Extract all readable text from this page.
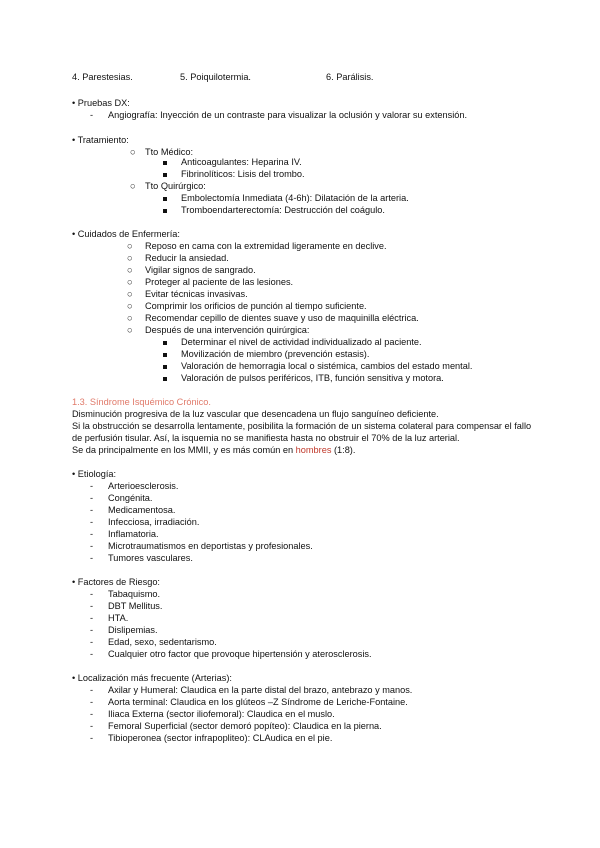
4. Parestesias.	5. Poiquilotermia.	6. Parálisis.
• Pruebas DX:
- Angiografía: Inyección de un contraste para visualizar la oclusión y valorar su extensión.
• Tratamiento:
○ Tto Médico:
Anticoagulantes: Heparina IV.
Fibrinolíticos: Lisis del trombo.
○ Tto Quirúrgico:
Embolectomía Inmediata (4-6h): Dilatación de la arteria.
Tromboendarterectomía: Destrucción del coágulo.
• Cuidados de Enfermería:
○ Reposo en cama con la extremidad ligeramente en declive.
○ Reducir la ansiedad.
○ Vigilar signos de sangrado.
○ Proteger al paciente de las lesiones.
○ Evitar técnicas invasivas.
○ Comprimir los orificios de punción al tiempo suficiente.
○ Recomendar cepillo de dientes suave y uso de maquinilla eléctrica.
○ Después de una intervención quirúrgica:
Determinar el nivel de actividad individualizado al paciente.
Movilización de miembro (prevención estasis).
Valoración de hemorragia local o sistémica, cambios del estado mental.
Valoración de pulsos periféricos, ITB, función sensitiva y motora.
1.3. Síndrome Isquémico Crónico.
Disminución progresiva de la luz vascular que desencadena un flujo sanguíneo deficiente.
Si la obstrucción se desarrolla lentamente, posibilita la formación de un sistema colateral para compensar el fallo
de perfusión tisular. Así, la isquemia no se manifiesta hasta no obstruir el 70% de la luz arterial.
Se da principalmente en los MMII, y es más común en hombres (1:8).
• Etiología:
- Arterioesclerosis.
- Congénita.
- Medicamentosa.
- Infecciosa, irradiación.
- Inflamatoria.
- Microtraumatismos en deportistas y profesionales.
- Tumores vasculares.
• Factores de Riesgo:
- Tabaquismo.
- DBT Mellitus.
- HTA.
- Dislipemias.
- Edad, sexo, sedentarismo.
- Cualquier otro factor que provoque hipertensión y aterosclerosis.
• Localización más frecuente (Arterias):
- Axilar y Humeral: Claudica en la parte distal del brazo, antebrazo y manos.
- Aorta terminal: Claudica en los glúteos –Z Síndrome de Leriche-Fontaine.
- Iliaca Externa (sector iliofemoral): Claudica en el muslo.
- Femoral Superficial (sector demoró popíteo): Claudica en la pierna.
- Tibioperonea (sector infrapopliteo): CLAudica en el pie.
